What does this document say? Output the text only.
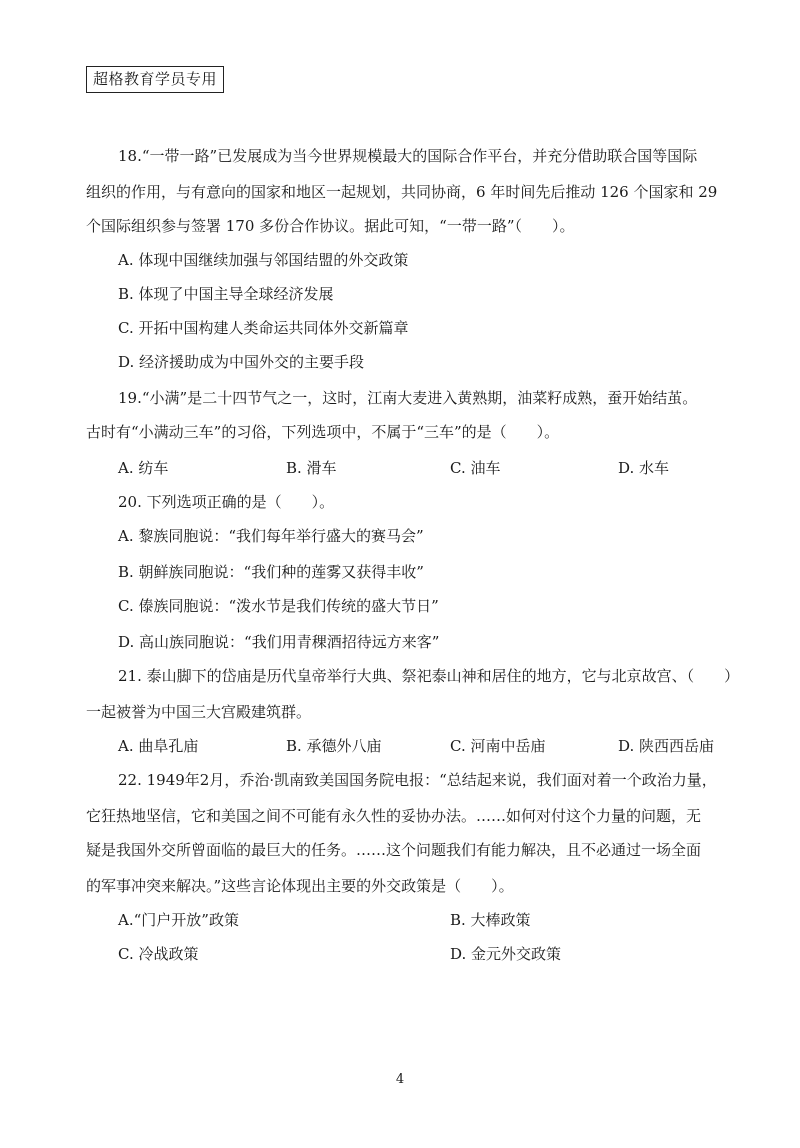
超格教育学员专用
18.“一带一路”已发展成为当今世界规模最大的国际合作平台，并充分借助联合国等国际
组织的作用，与有意向的国家和地区一起规划，共同协商，6 年时间先后推动 126 个国家和 29
个国际组织参与签署 170 多份合作协议。据此可知，“一带一路”（　　）。
A. 体现中国继续加强与邻国结盟的外交政策
B. 体现了中国主导全球经济发展
C. 开拓中国构建人类命运共同体外交新篇章
D. 经济援助成为中国外交的主要手段
19.“小满”是二十四节气之一，这时，江南大麦进入黄熟期，油菜籽成熟，蚕开始结茧。
古时有“小满动三车”的习俗，下列选项中，不属于“三车”的是（　　）。
A. 纺车	B. 滑车	C. 油车	D. 水车
20. 下列选项正确的是（　　）。
A. 黎族同胞说：“我们每年举行盛大的赛马会”
B. 朝鲜族同胞说：“我们种的莲雾又获得丰收”
C. 傣族同胞说：“泼水节是我们传统的盛大节日”
D. 高山族同胞说：“我们用青稞酒招待远方来客”
21. 泰山脚下的岱庙是历代皇帝举行大典、祭祀泰山神和居住的地方，它与北京故宫、（　　）
一起被誉为中国三大宫殿建筑群。
A. 曲阜孔庙	B. 承德外八庙	C. 河南中岳庙	D. 陕西西岳庙
22. 1949年2月，乔治·凯南致美国国务院电报：“总结起来说，我们面对着一个政治力量，
它狂热地坚信，它和美国之间不可能有永久性的妥协办法。……如何对付这个力量的问题，无
疑是我国外交所曾面临的最巨大的任务。……这个问题我们有能力解决，且不必通过一场全面
的军事冲突来解决。”这些言论体现出主要的外交政策是（　　）。
A.“门户开放”政策	B. 大棒政策
C. 冷战政策	D. 金元外交政策
4
